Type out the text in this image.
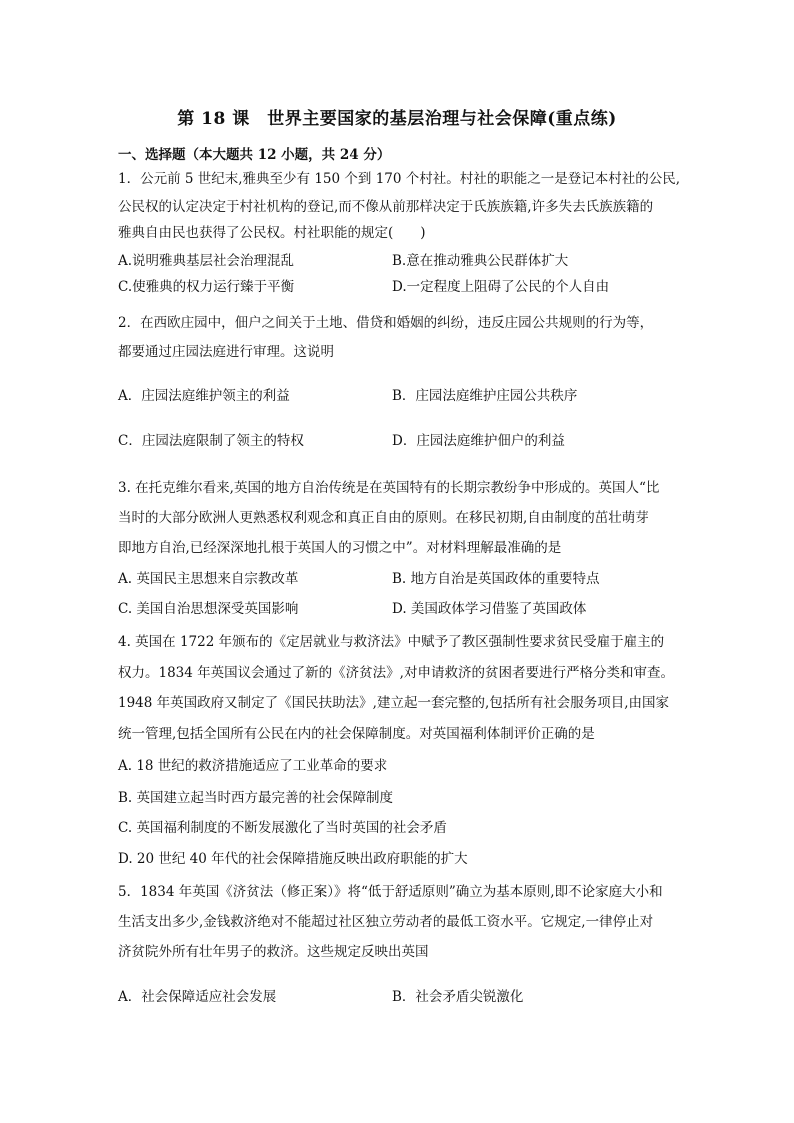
第 18 课　世界主要国家的基层治理与社会保障(重点练)
一、选择题（本大题共 12 小题，共 24 分）
1．公元前 5 世纪末,雅典至少有 150 个到 170 个村社。村社的职能之一是登记本村社的公民,
公民权的认定决定于村社机构的登记,而不像从前那样决定于氏族族籍,许多失去氏族族籍的
雅典自由民也获得了公民权。村社职能的规定(　　)
A.说明雅典基层社会治理混乱	B.意在推动雅典公民群体扩大
C.使雅典的权力运行臻于平衡	D.一定程度上阻碍了公民的个人自由
2．在西欧庄园中，佃户之间关于土地、借贷和婚姻的纠纷，违反庄园公共规则的行为等，
都要通过庄园法庭进行审理。这说明
A．庄园法庭维护领主的利益	B．庄园法庭维护庄园公共秩序
C．庄园法庭限制了领主的特权	D．庄园法庭维护佃户的利益
3. 在托克维尔看来,英国的地方自治传统是在英国特有的长期宗教纷争中形成的。英国人“比
当时的大部分欧洲人更熟悉权利观念和真正自由的原则。在移民初期,自由制度的茁壮萌芽
即地方自治,已经深深地扎根于英国人的习惯之中”。对材料理解最准确的是
A. 英国民主思想来自宗教改革	B. 地方自治是英国政体的重要特点
C. 美国自治思想深受英国影响	D. 美国政体学习借鉴了英国政体
4. 英国在 1722 年颁布的《定居就业与救济法》中赋予了教区强制性要求贫民受雇于雇主的
权力。1834 年英国议会通过了新的《济贫法》,对申请救济的贫困者要进行严格分类和审查。
1948 年英国政府又制定了《国民扶助法》,建立起一套完整的,包括所有社会服务项目,由国家
统一管理,包括全国所有公民在内的社会保障制度。对英国福利体制评价正确的是
A. 18 世纪的救济措施适应了工业革命的要求
B. 英国建立起当时西方最完善的社会保障制度
C. 英国福利制度的不断发展激化了当时英国的社会矛盾
D. 20 世纪 40 年代的社会保障措施反映出政府职能的扩大
5．1834 年英国《济贫法（修正案）》将“低于舒适原则”确立为基本原则,即不论家庭大小和
生活支出多少,金钱救济绝对不能超过社区独立劳动者的最低工资水平。它规定,一律停止对
济贫院外所有壮年男子的救济。这些规定反映出英国
A．社会保障适应社会发展	B．社会矛盾尖锐激化
